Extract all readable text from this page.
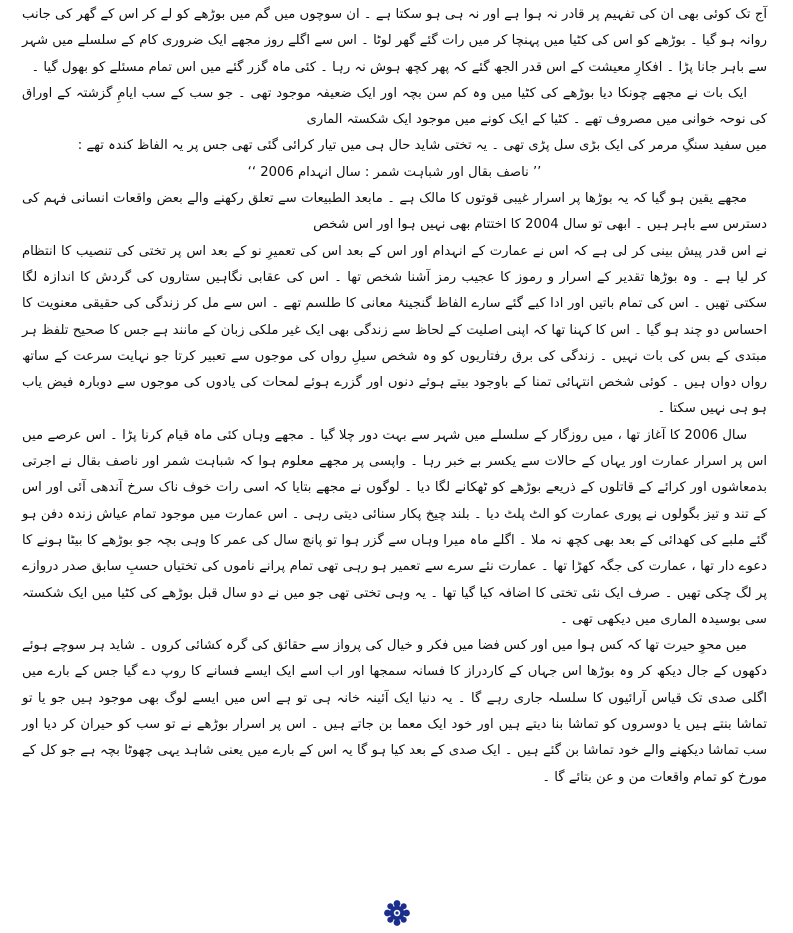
آج تک کوئی بھی ان کی تفہیم پر قادر نہ ہوا ہے اور نہ ہی ہو سکتا ہے ۔ ان سوچوں میں گم میں بوڑھے کو لے کر اس کے گھر کی جانب روانہ ہو گیا ۔ بوڑھے کو اس کی کٹیا میں پہنچا کر میں رات گئے گھر لوٹا ۔ اس سے اگلے روز مجھے ایک ضروری کام کے سلسلے میں شہر سے باہر جانا پڑا ۔ افکارِ معیشت کے اس قدر الجھ گئے کہ پھر کچھ ہوش نہ رہا ۔ کئی ماہ گزر گئے میں اس تمام مسئلے کو بھول گیا ۔

ایک بات نے مجھے چونکا دیا بوڑھے کی کٹیا میں وہ کم سن بچہ اور ایک ضعیفہ موجود تھی ۔ جو سب کے سب ایامِ گزشتہ کے اوراق کی نوحہ خوانی میں مصروف تھے ۔ کٹیا کے ایک کونے میں موجود ایک شکستہ الماری

میں سفید سنگِ مرمر کی ایک بڑی سل پڑی تھی ۔ یہ تختی شاید حال ہی میں تیار کرائی گئی تھی جس پر یہ الفاظ کندہ تھے :

’’ ناصف بقال اور شباہت شمر : سال انہدام 2006 ‘‘

مجھے یقین ہو گیا کہ یہ بوڑھا پر اسرار غیبی قوتوں کا مالک ہے ۔ مابعد الطبیعات سے تعلق رکھنے والے بعض واقعات انسانی فہم کی دسترس سے باہر ہیں ۔ ابھی تو سال 2004 کا اختتام بھی نہیں ہوا اور اس شخص

نے اس قدر پیش بینی کر لی ہے کہ اس نے عمارت کے انہدام اور اس کے بعد اس کی تعمیرِ نو کے بعد اس پر تختی کی تنصیب کا انتظام کر لیا ہے ۔ وہ بوڑھا تقدیر کے اسرار و رموز کا عجیب رمز آشنا شخص تھا ۔ اس کی عقابی نگاہیں ستاروں کی گردش کا اندازہ لگا سکتی تھیں ۔ اس کی تمام باتیں اور ادا کیے گئے سارے الفاظ گنجینۂ معانی کا طلسم تھے ۔ اس سے مل کر زندگی کی حقیقی معنویت کا احساس دو چند ہو گیا ۔ اس کا کہنا تھا کہ اپنی اصلیت کے لحاظ سے زندگی بھی ایک غیر ملکی زبان کے مانند ہے جس کا صحیح تلفظ ہر مبتدی کے بس کی بات نہیں ۔ زندگی کی برق رفتاریوں کو وہ شخص سیلِ رواں کی موجوں سے تعبیر کرتا جو نہایت سرعت کے ساتھ رواں دواں ہیں ۔ کوئی شخص انتہائی تمنا کے باوجود بیتے ہوئے دنوں اور گزرے ہوئے لمحات کی یادوں کی موجوں سے دوبارہ فیض یاب ہو ہی نہیں سکتا ۔

سال 2006 کا آغاز تھا ، میں روزگار کے سلسلے میں شہر سے بہت دور چلا گیا ۔ مجھے وہاں کئی ماہ قیام کرنا پڑا ۔ اس عرصے میں اس پر اسرار عمارت اور یہاں کے حالات سے یکسر بے خبر رہا ۔ واپسی پر مجھے معلوم ہوا کہ شباہت شمر اور ناصف بقال نے اجرتی بدمعاشوں اور کرائے کے قاتلوں کے ذریعے بوڑھے کو ٹھکانے لگا دیا ۔ لوگوں نے مجھے بتایا کہ اسی رات خوف ناک سرخ آندھی آئی اور اس کے تند و تیز بگولوں نے پوری عمارت کو الٹ پلٹ دیا ۔ بلند چیخ پکار سنائی دیتی رہی ۔ اس عمارت میں موجود تمام عیاش زندہ دفن ہو گئے ملبے کی کھدائی کے بعد بھی کچھ نہ ملا ۔ اگلے ماہ میرا وہاں سے گزر ہوا تو پانچ سال کی عمر کا وہی بچہ جو بوڑھے کا بیٹا ہونے کا دعوے دار تھا ، عمارت کی جگہ کھڑا تھا ۔ عمارت نئے سرے سے تعمیر ہو رہی تھی تمام پرانے ناموں کی تختیاں حسبِ سابق صدر دروازے پر لگ چکی تھیں ۔ صرف ایک نئی تختی کا اضافہ کیا گیا تھا ۔ یہ وہی تختی تھی جو میں نے دو سال قبل بوڑھے کی کٹیا میں ایک شکستہ سی بوسیدہ الماری میں دیکھی تھی ۔

میں محوِ حیرت تھا کہ کس ہوا میں اور کس فضا میں فکر و خیال کی پرواز سے حقائق کی گرہ کشائی کروں ۔ شاید ہر سوچے ہوئے دکھوں کے جال دیکھ کر وہ بوڑھا اس جہاں کے کاردراز کا فسانہ سمجھا اور اب اسے ایک ایسے فسانے کا روپ دے گیا جس کے بارے میں اگلی صدی تک قیاس آرائیوں کا سلسلہ جاری رہے گا ۔ یہ دنیا ایک آئینہ خانہ ہی تو ہے اس میں ایسے لوگ بھی موجود ہیں جو یا تو تماشا بنتے ہیں یا دوسروں کو تماشا بنا دیتے ہیں اور خود ایک معما بن جاتے ہیں ۔ اس پر اسرار بوڑھے نے تو سب کو حیران کر دیا اور سب تماشا دیکھنے والے خود تماشا بن گئے ہیں ۔ ایک صدی کے بعد کیا ہو گا یہ اس کے بارے میں یعنی شاہد یہی چھوٹا بچہ ہے جو کل کے مورخ کو تمام واقعات من و عن بتائے گا ۔
